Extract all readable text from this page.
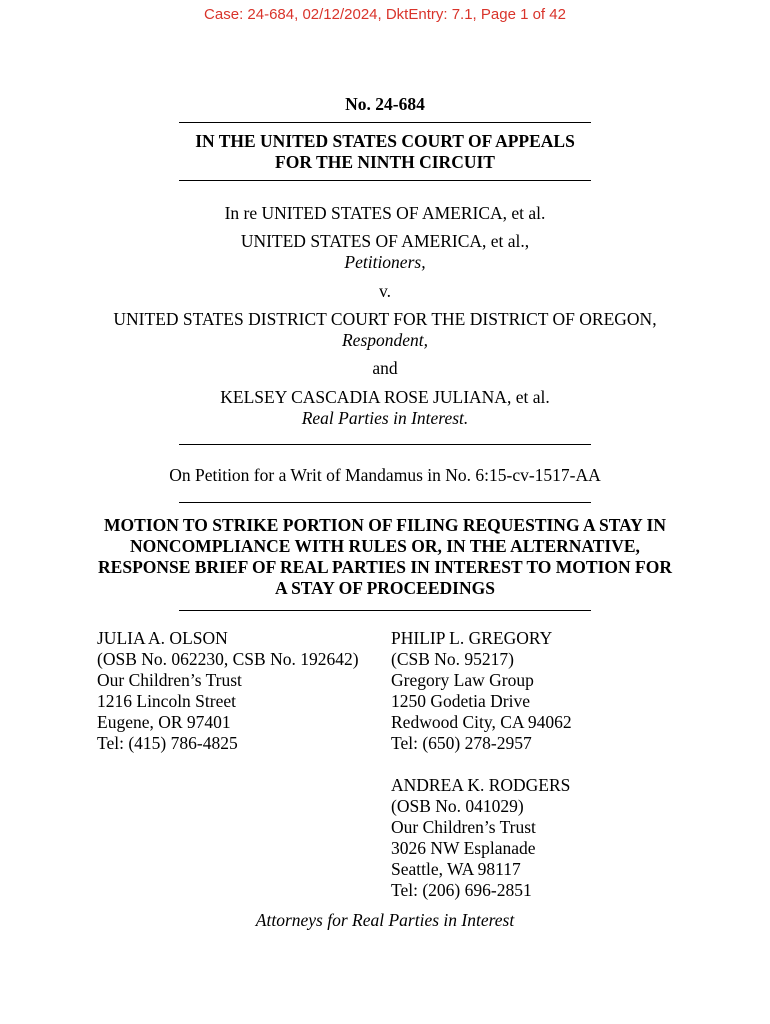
Case: 24-684, 02/12/2024, DktEntry: 7.1, Page 1 of 42
No. 24-684
IN THE UNITED STATES COURT OF APPEALS
FOR THE NINTH CIRCUIT
In re UNITED STATES OF AMERICA, et al.
UNITED STATES OF AMERICA, et al.,
Petitioners,
v.
UNITED STATES DISTRICT COURT FOR THE DISTRICT OF OREGON,
Respondent,
and
KELSEY CASCADIA ROSE JULIANA, et al.
Real Parties in Interest.
On Petition for a Writ of Mandamus in No. 6:15-cv-1517-AA
MOTION TO STRIKE PORTION OF FILING REQUESTING A STAY IN
NONCOMPLIANCE WITH RULES OR, IN THE ALTERNATIVE,
RESPONSE BRIEF OF REAL PARTIES IN INTEREST TO MOTION FOR
A STAY OF PROCEEDINGS
JULIA A. OLSON
(OSB No. 062230, CSB No. 192642)
Our Children’s Trust
1216 Lincoln Street
Eugene, OR 97401
Tel: (415) 786-4825
PHILIP L. GREGORY
(CSB No. 95217)
Gregory Law Group
1250 Godetia Drive
Redwood City, CA 94062
Tel: (650) 278-2957
ANDREA K. RODGERS
(OSB No. 041029)
Our Children’s Trust
3026 NW Esplanade
Seattle, WA 98117
Tel: (206) 696-2851
Attorneys for Real Parties in Interest
